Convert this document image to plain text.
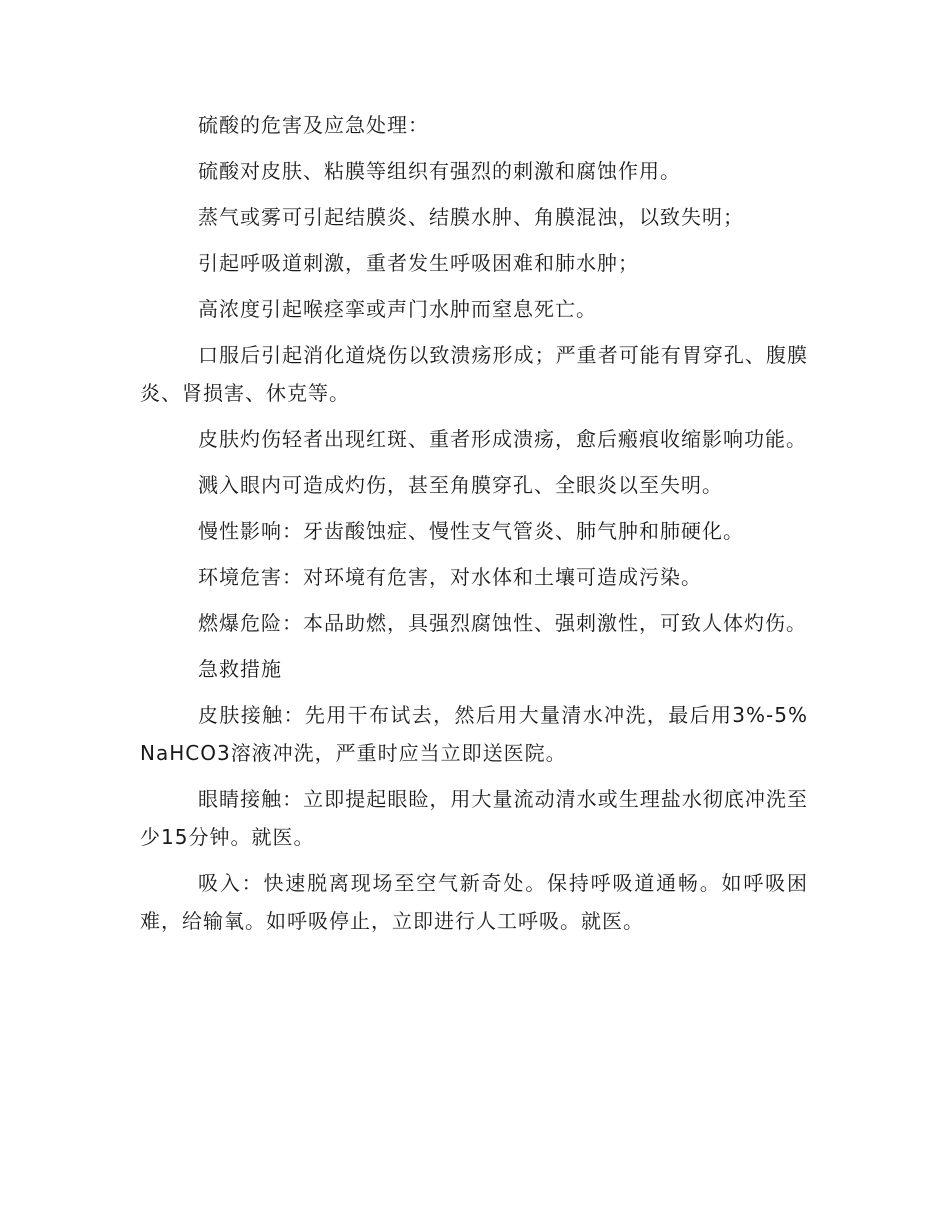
硫酸的危害及应急处理：

硫酸对皮肤、粘膜等组织有强烈的刺激和腐蚀作用。

蒸气或雾可引起结膜炎、结膜水肿、角膜混浊，以致失明；

引起呼吸道刺激，重者发生呼吸困难和肺水肿；

高浓度引起喉痉挛或声门水肿而窒息死亡。

口服后引起消化道烧伤以致溃疡形成；严重者可能有胃穿孔、腹膜炎、肾损害、休克等。

皮肤灼伤轻者出现红斑、重者形成溃疡，愈后瘢痕收缩影响功能。

溅入眼内可造成灼伤，甚至角膜穿孔、全眼炎以至失明。

慢性影响：牙齿酸蚀症、慢性支气管炎、肺气肿和肺硬化。

环境危害：对环境有危害，对水体和土壤可造成污染。

燃爆危险：本品助燃，具强烈腐蚀性、强刺激性，可致人体灼伤。

急救措施

皮肤接触：先用干布试去，然后用大量清水冲洗，最后用3%-5%NaHCO3溶液冲洗，严重时应当立即送医院。

眼睛接触：立即提起眼睑，用大量流动清水或生理盐水彻底冲洗至少15分钟。就医。

吸入：快速脱离现场至空气新奇处。保持呼吸道通畅。如呼吸困难，给输氧。如呼吸停止，立即进行人工呼吸。就医。
